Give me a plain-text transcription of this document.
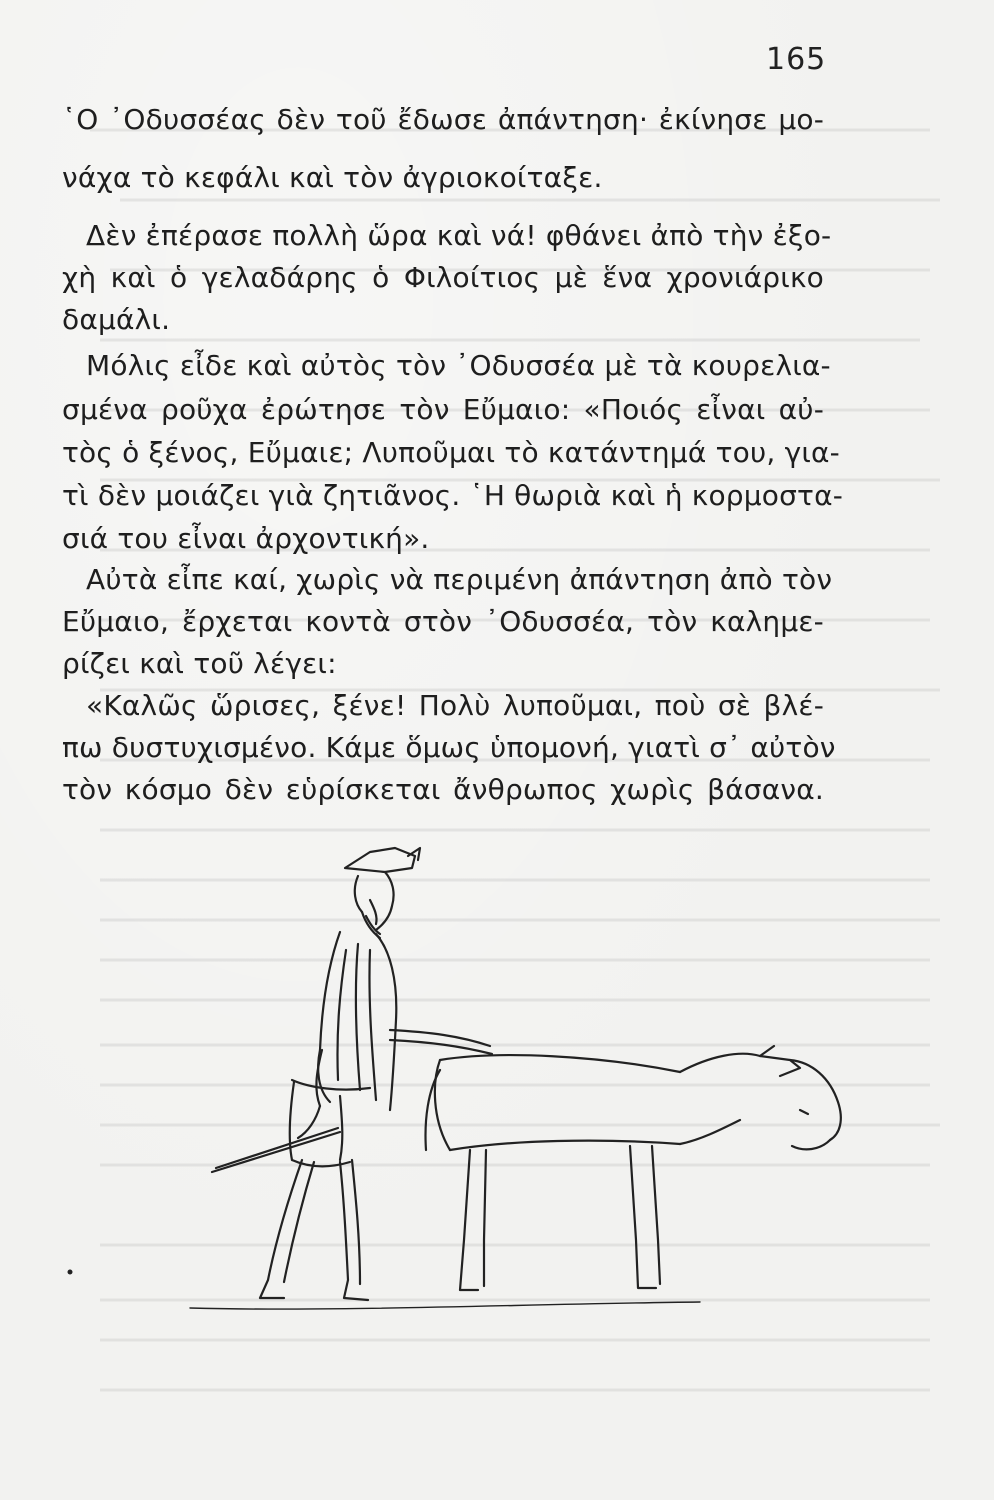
165
῾Ο ᾿Οδυσσέας δὲν τοῦ ἔδωσε ἀπάντηση· ἐκίνησε μο-
νάχα τὸ κεφάλι καὶ τὸν ἀγριοκοίταξε.
Δὲν ἐπέρασε πολλὴ ὥρα καὶ νά! φθάνει ἀπὸ τὴν ἐξο-
χὴ καὶ ὁ γελαδάρης ὁ Φιλοίτιος μὲ ἕνα χρονιάρικο
δαμάλι.
Μόλις εἶδε καὶ αὐτὸς τὸν ᾿Οδυσσέα μὲ τὰ κουρελια-
σμένα ροῦχα ἐρώτησε τὸν Εὔμαιο: «Ποιός εἶναι αὐ-
τὸς ὁ ξένος, Εὔμαιε; Λυποῦμαι τὸ κατάντημά του, για-
τὶ δὲν μοιάζει γιὰ ζητιᾶνος. ῾Η θωριὰ καὶ ἡ κορμοστα-
σιά του εἶναι ἀρχοντική».
Αὐτὰ εἶπε καί, χωρὶς νὰ περιμένη ἀπάντηση ἀπὸ τὸν
Εὔμαιο, ἔρχεται κοντὰ στὸν ᾿Οδυσσέα, τὸν καλημε-
ρίζει καὶ τοῦ λέγει:
«Καλῶς ὥρισες, ξένε! Πολὺ λυποῦμαι, ποὺ σὲ βλέ-
πω δυστυχισμένο. Κάμε ὅμως ὑπομονή, γιατὶ σ᾿ αὐτὸν
τὸν κόσμο δὲν εὑρίσκεται ἄνθρωπος χωρὶς βάσανα.
